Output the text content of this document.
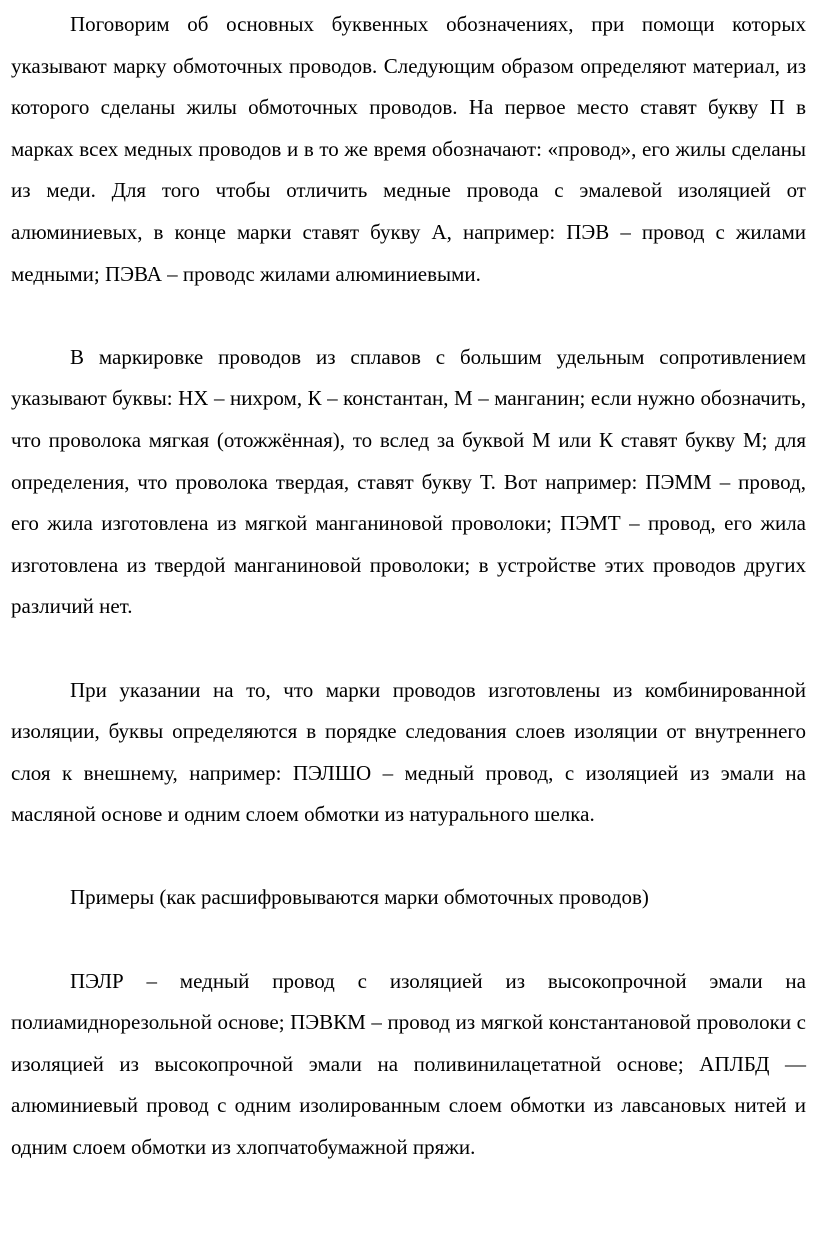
Поговорим об основных буквенных обозначениях, при помощи которых указывают марку обмоточных проводов. Следующим образом определяют материал, из которого сделаны жилы обмоточных проводов. На первое место ставят букву П в марках всех медных проводов и в то же время обозначают: «провод», его жилы сделаны из меди. Для того чтобы отличить медные провода с эмалевой изоляцией от алюминиевых, в конце марки ставят букву А, например: ПЭВ – провод с жилами медными; ПЭВА – проводс жилами алюминиевыми.

В маркировке проводов из сплавов с большим удельным сопротивлением указывают буквы: НХ – нихром, К – константан, М – манганин; если нужно обозначить, что проволока мягкая (отожжённая), то вслед за буквой М или К ставят букву М; для определения, что проволока твердая, ставят букву Т. Вот например: ПЭММ – провод, его жила изготовлена из мягкой манганиновой проволоки; ПЭМТ – провод, его жила изготовлена из твердой манганиновой проволоки; в устройстве этих проводов других различий нет.

При указании на то, что марки проводов изготовлены из комбинированной изоляции, буквы определяются в порядке следования слоев изоляции от внутреннего слоя к внешнему, например: ПЭЛШО – медный провод, с изоляцией из эмали на масляной основе и одним слоем обмотки из натурального шелка.

Примеры (как расшифровываются марки обмоточных проводов)

ПЭЛР – медный провод с изоляцией из высокопрочной эмали на полиамиднорезольной основе; ПЭВКМ – провод из мягкой константановой проволоки с изоляцией из высокопрочной эмали на поливинилацетатной основе; АПЛБД — алюминиевый провод с одним изолированным слоем обмотки из лавсановых нитей и одним слоем обмотки из хлопчатобумажной пряжи.
